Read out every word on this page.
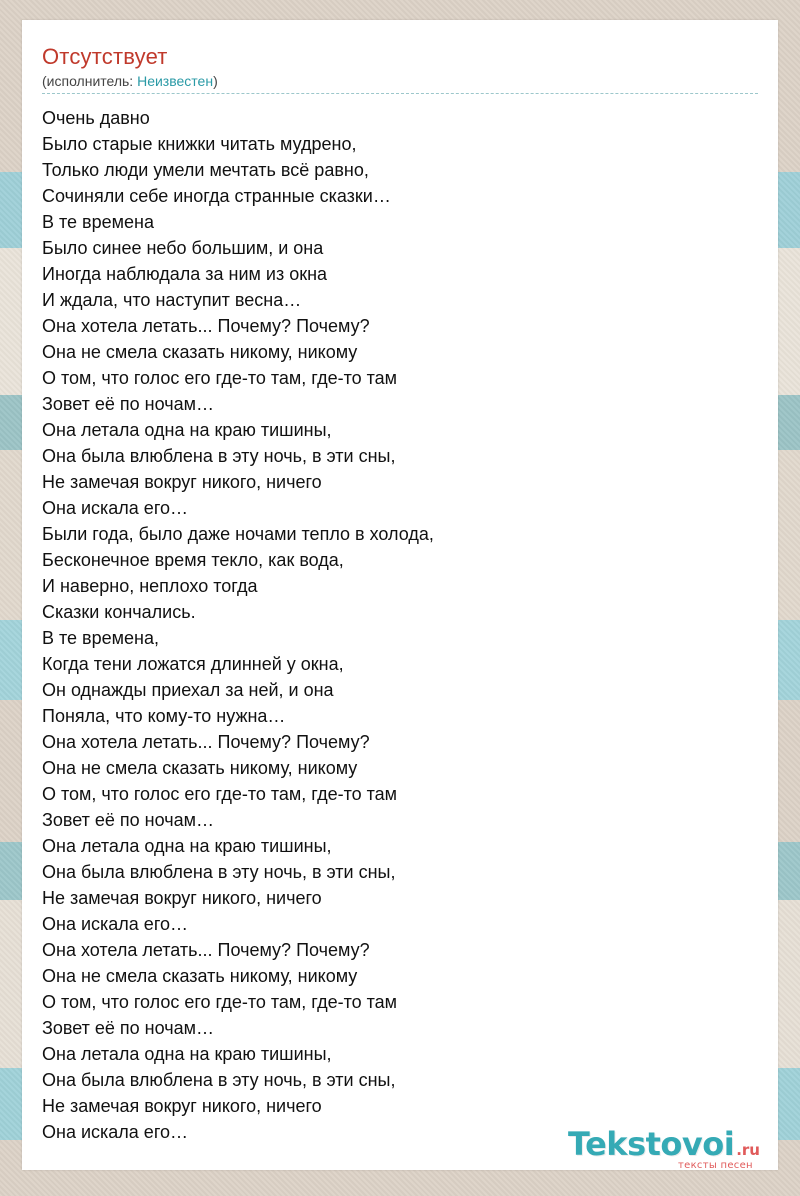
Отсутствует
(исполнитель: Неизвестен)
Очень давно
Было старые книжки читать мудрено,
Только люди умели мечтать всё равно,
Сочиняли себе иногда странные сказки…
В те времена
Было синее небо большим, и она
Иногда наблюдала за ним из окна
И ждала, что наступит весна…
Она хотела летать... Почему? Почему?
Она не смела сказать никому, никому
О том, что голос его где-то там, где-то там
Зовет её по ночам…
Она летала одна на краю тишины,
Она была влюблена в эту ночь, в эти сны,
Не замечая вокруг никого, ничего
Она искала его…
Были года, было даже ночами тепло в холода,
Бесконечное время текло, как вода,
И наверно, неплохо тогда
Сказки кончались.
В те времена,
Когда тени ложатся длинней у окна,
Он однажды приехал за ней, и она
Поняла, что кому-то нужна…
Она хотела летать... Почему? Почему?
Она не смела сказать никому, никому
О том, что голос его где-то там, где-то там
Зовет её по ночам…
Она летала одна на краю тишины,
Она была влюблена в эту ночь, в эти сны,
Не замечая вокруг никого, ничего
Она искала его…
Она хотела летать... Почему? Почему?
Она не смела сказать никому, никому
О том, что голос его где-то там, где-то там
Зовет её по ночам…
Она летала одна на краю тишины,
Она была влюблена в эту ночь, в эти сны,
Не замечая вокруг никого, ничего
Она искала его…	Tekstovoi .ru
тексты песен
